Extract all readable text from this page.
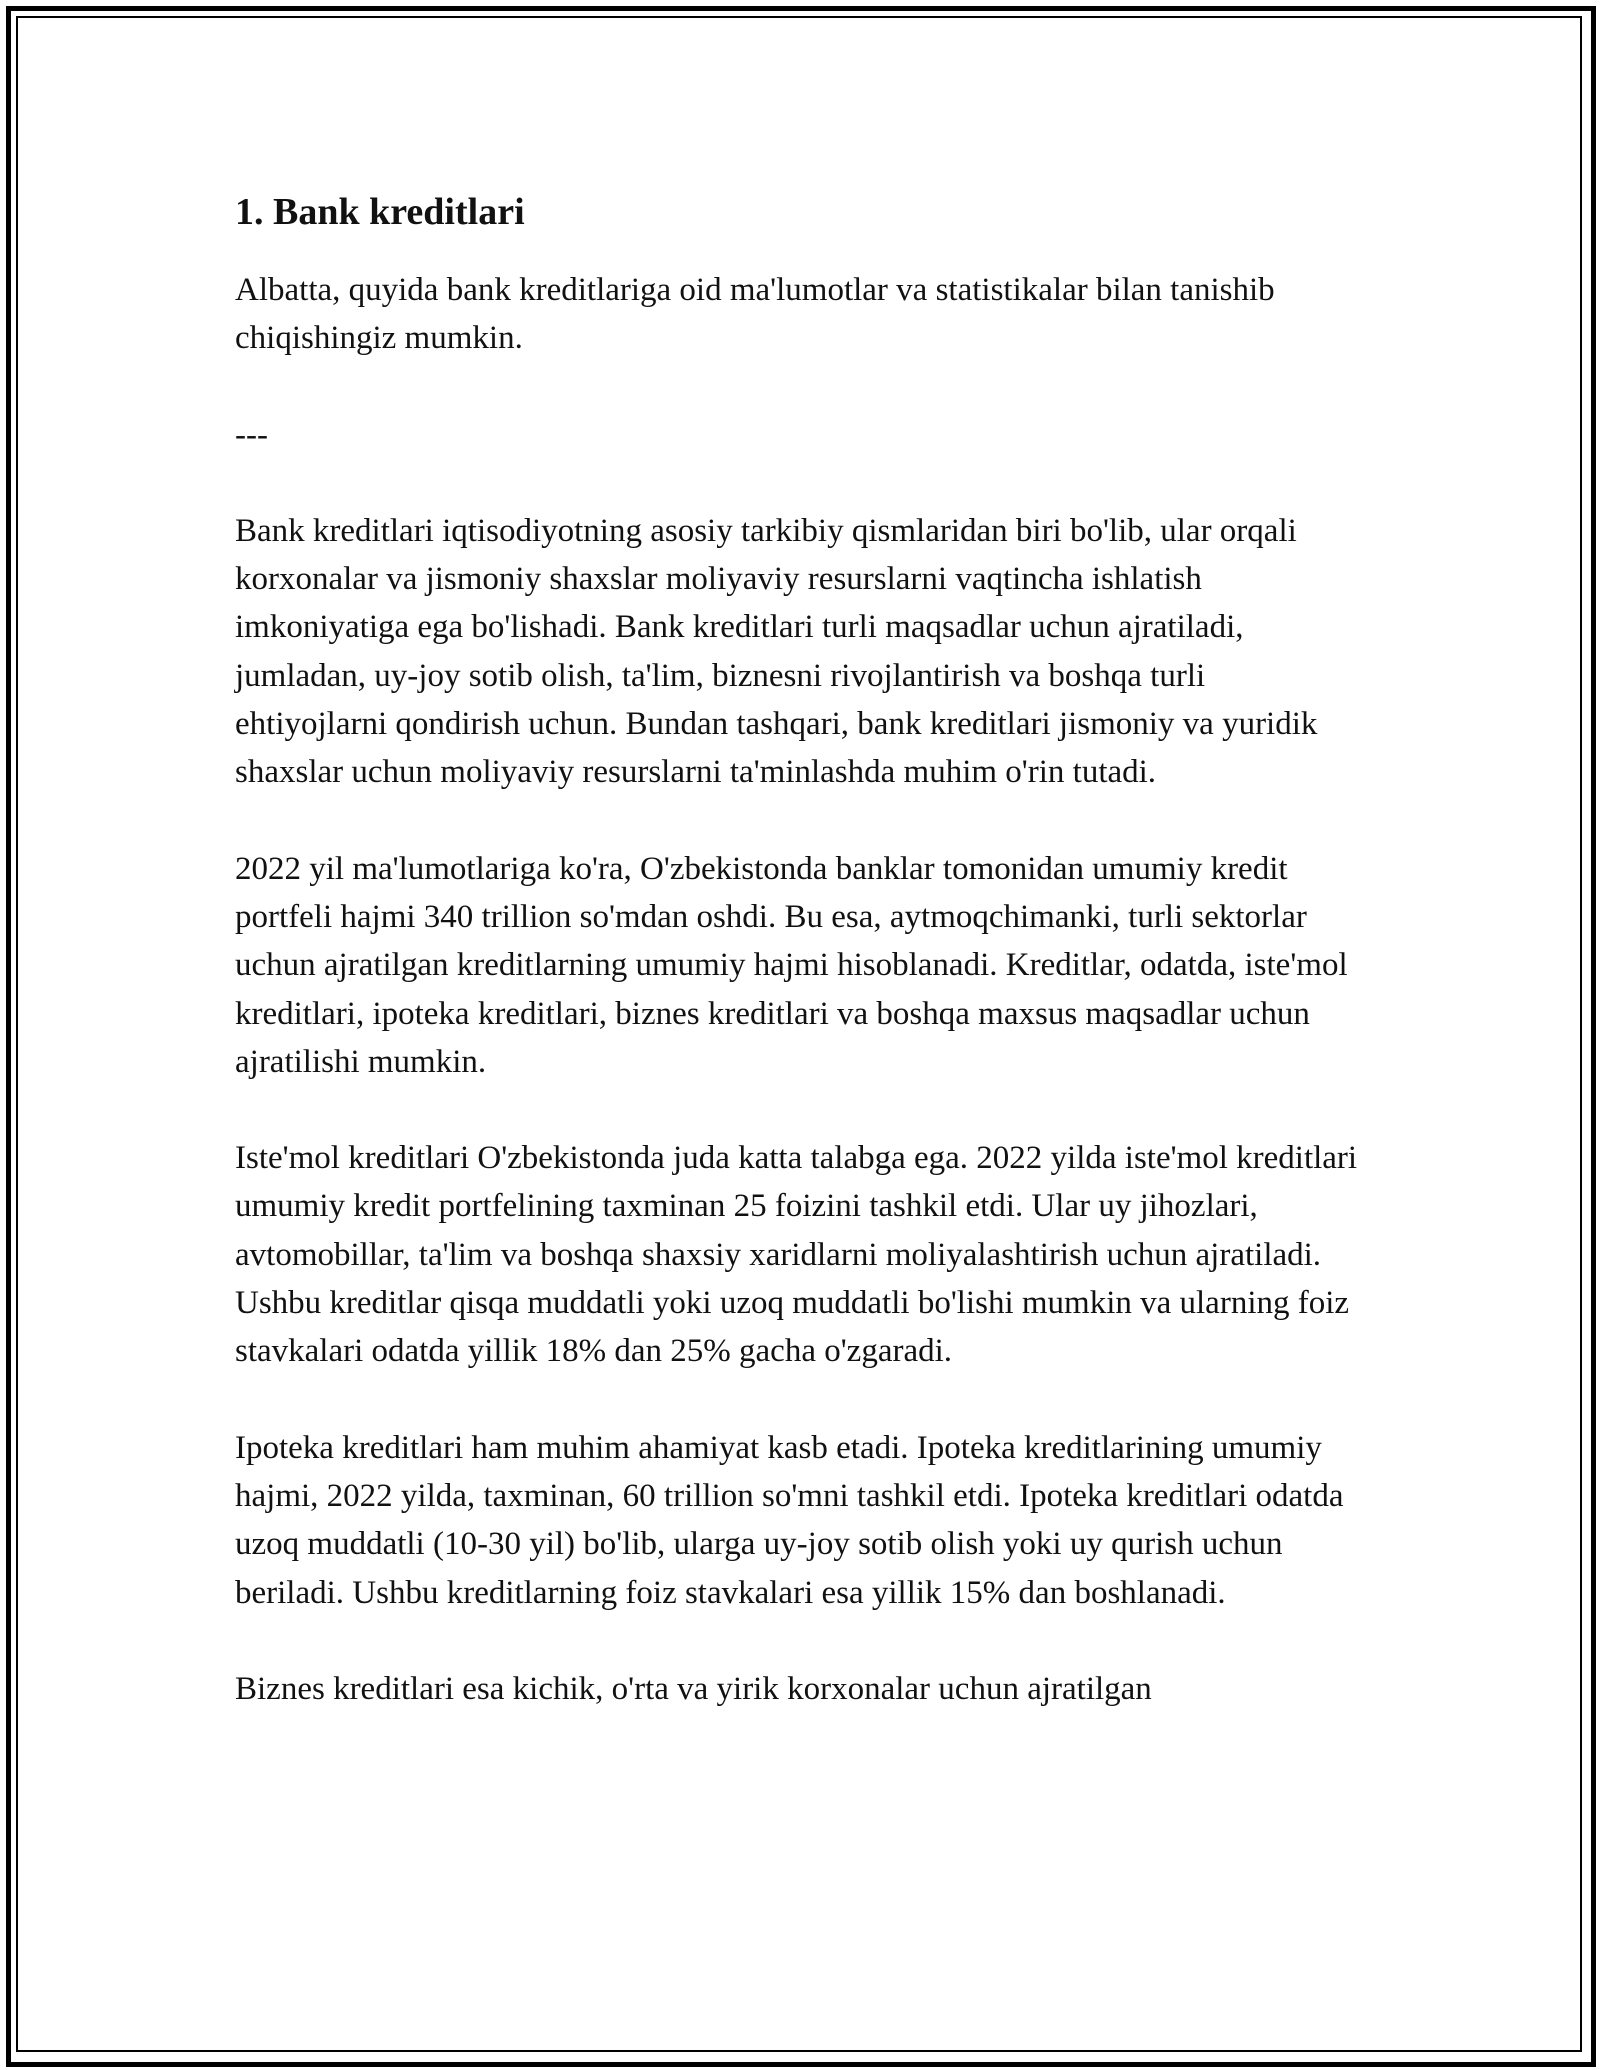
1. Bank kreditlari

Albatta, quyida bank kreditlariga oid ma'lumotlar va statistikalar bilan tanishib chiqishingiz mumkin.

---

Bank kreditlari iqtisodiyotning asosiy tarkibiy qismlaridan biri bo'lib, ular orqali korxonalar va jismoniy shaxslar moliyaviy resurslarni vaqtincha ishlatish imkoniyatiga ega bo'lishadi. Bank kreditlari turli maqsadlar uchun ajratiladi, jumladan, uy-joy sotib olish, ta'lim, biznesni rivojlantirish va boshqa turli ehtiyojlarni qondirish uchun. Bundan tashqari, bank kreditlari jismoniy va yuridik shaxslar uchun moliyaviy resurslarni ta'minlashda muhim o'rin tutadi.

2022 yil ma'lumotlariga ko'ra, O'zbekistonda banklar tomonidan umumiy kredit portfeli hajmi 340 trillion so'mdan oshdi. Bu esa, aytmoqchimanki, turli sektorlar uchun ajratilgan kreditlarning umumiy hajmi hisoblanadi. Kreditlar, odatda, iste'mol kreditlari, ipoteka kreditlari, biznes kreditlari va boshqa maxsus maqsadlar uchun ajratilishi mumkin.

Iste'mol kreditlari O'zbekistonda juda katta talabga ega. 2022 yilda iste'mol kreditlari umumiy kredit portfelining taxminan 25 foizini tashkil etdi. Ular uy jihozlari, avtomobillar, ta'lim va boshqa shaxsiy xaridlarni moliyalashtirish uchun ajratiladi. Ushbu kreditlar qisqa muddatli yoki uzoq muddatli bo'lishi mumkin va ularning foiz stavkalari odatda yillik 18% dan 25% gacha o'zgaradi.

Ipoteka kreditlari ham muhim ahamiyat kasb etadi. Ipoteka kreditlarining umumiy hajmi, 2022 yilda, taxminan, 60 trillion so'mni tashkil etdi. Ipoteka kreditlari odatda uzoq muddatli (10-30 yil) bo'lib, ularga uy-joy sotib olish yoki uy qurish uchun beriladi. Ushbu kreditlarning foiz stavkalari esa yillik 15% dan boshlanadi.

Biznes kreditlari esa kichik, o'rta va yirik korxonalar uchun ajratilgan
